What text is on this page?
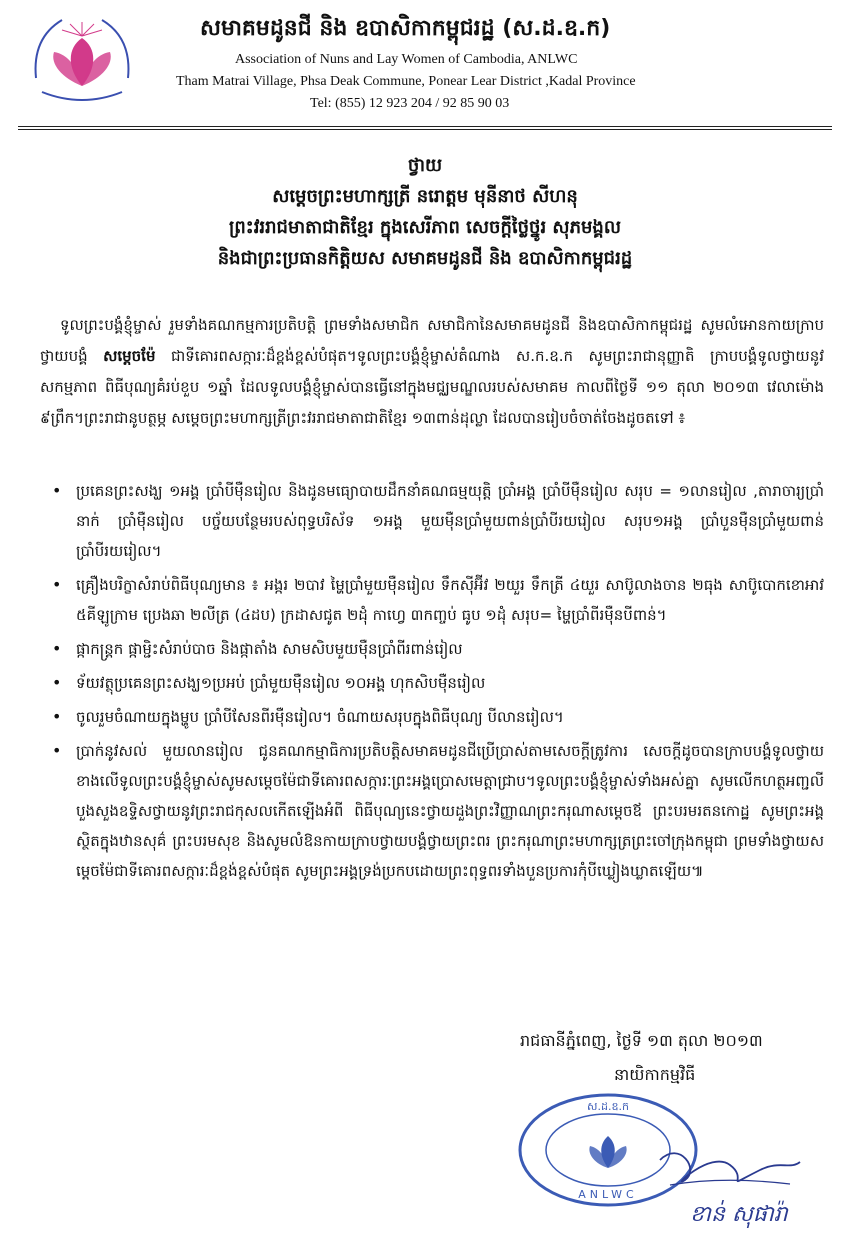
សមាគមដូនជី និង ឧបាសិកាកម្ពុជរដ្ឋ (ស.ដ.ឧ.ក)
Association of Nuns and Lay Women of Cambodia, ANLWC
Tham Matrai Village, Phsa Deak Commune, Ponear Lear District ,Kadal Province
Tel: (855) 12 923 204 / 92 85 90 03
ថ្វាយ
សម្តេចព្រះមហាក្សត្រី នរោត្តម មុនីនាថ សីហនុ
ព្រះវររាជមាតាជាតិខ្មែរ ក្នុងសេរីភាព សេចក្តីថ្លៃថ្នូរ សុភមង្គល
និងជាព្រះប្រធានកិត្តិយស សមាគមដូនជី និង ឧបាសិកាកម្ពុជរដ្ឋ
ទូលព្រះបង្គំខ្ញុំម្ចាស់ រួមទាំងគណកម្មការប្រតិបត្តិ ព្រមទាំងសមាជិក សមាជិកានៃសមាគមដូនជី និងឧបាសិកាកម្ពុជរដ្ឋ សូមលំអោនកាយក្រាបថ្វាយបង្គំ សម្តេចម៉ែ ជាទីគោរពសក្ការៈដ៏ខ្ពង់ខ្ពស់បំផុត។ទូលព្រះបង្គំខ្ញុំម្ចាស់តំណាង ស.ក.ឧ.ក សូមព្រះរាជានុញ្ញាតិ ក្រាបបង្គំទូលថ្វាយនូវសកម្មភាព ពិធីបុណ្យគំរប់ខួប ១ឆ្នាំ ដែលទូលបង្គំខ្ញុំម្ចាស់បានធ្វើនៅក្នុងមជ្ឈមណ្ឌលរបស់សមាគម កាលពីថ្ងៃទី ១១ តុលា ២០១៣ វេលាម៉ោង ៩ព្រឹក។ព្រះរាជានូបត្ថម្ភ សម្តេចព្រះមហាក្សត្រីព្រះវររាជមាតាជាតិខ្មែរ ១៣ពាន់ដុល្លា ដែលបានរៀបចំចាត់ចែងដូចតទៅ ៖
• ប្រគេនព្រះសង្ឃ ១អង្គ ប្រាំបីម៉ឺនរៀល និងដូនមធ្យោបាយដឹកនាំគណធម្មយុត្តិ ប្រាំអង្គ ប្រាំបីម៉ឺនរៀល សរុប = ១លានរៀល ,តារាចារ្យប្រាំនាក់ ប្រាំម៉ឺនរៀល បច្ច័យបន្ថែមរបស់ពុទ្ធបរិស័ទ ១អង្គ មួយម៉ឺនប្រាំមួយពាន់ប្រាំបីរយរៀល សរុប១អង្គ ប្រាំបួនម៉ឺនប្រាំមួយពាន់ប្រាំបីរយរៀល។
• គ្រឿងបរិក្ខាសំរាប់ពិធីបុណ្យមាន ៖ អង្ករ ២បាវ ម្ហៃប្រាំមួយម៉ឺនរៀល ទឹកស៊ីអ៊ីវ ២យួរ ទឹកត្រី ៤យួរ សាប៊ូលាងចាន ២ធុង សាប៊ូបោកខោអាវ ៥គីឡូក្រាម ប្រេងឆា ២លីត្រ (៤ដប) ក្រដាសជូត ២ដុំ កាហ្វេ ៣កញ្ចប់ ធូប ១ដុំ សរុប= ម្ហៃប្រាំពីរម៉ឺនបីពាន់។
• ផ្កាកន្រ្តក ផ្កាម្ជិះសំរាប់បាច និងផ្កាតាំង សាមសិបមួយម៉ឺនប្រាំពីរពាន់រៀល
• ទ័យវត្ថុប្រគេនព្រះសង្ឃ១ប្រអប់ ប្រាំមួយម៉ឺនរៀល ១០អង្គ ហុកសិបម៉ឺនរៀល
• ចូលរួមចំណាយក្នុងម្ហូប ប្រាំបីសែនពីរម៉ឺនរៀល។ ចំណាយសរុបក្នុងពិធីបុណ្យ បីលានរៀល។
• ប្រាក់នូវសល់ មួយលានរៀល ជូនគណកម្មាធិការប្រតិបត្តិសមាគមដូនជីប្រើប្រាស់តាមសេចក្តីត្រូវការ សេចក្តីដូចបានក្រាបបង្គំទូលថ្វាយខាងលើទូលព្រះបង្គំខ្ញុំម្ចាស់សូមសម្តេចម៉ែជាទីគោរពសក្ការៈព្រះអង្គប្រោសមេត្តាជ្រាប។ទូលព្រះបង្គំខ្ញុំម្ចាស់ទាំងអស់គ្នា សូមលើកហត្ថអញ្ជលីបួងសួងឧទ្ទិសថ្វាយនូវព្រះរាជកុសលកើតឡើងអំពី ពិធីបុណ្យនេះថ្វាយដួងព្រះវិញ្ញាណព្រះករុណាសម្តេចឪ ព្រះបរមរតនកោដ្ឋ សូមព្រះអង្គស្ថិតក្នុងឋានសុគ៌ ព្រះបរមសុខ និងសូមលំឱនកាយក្រាបថ្វាយបង្គំថ្វាយព្រះពរ ព្រះករុណាព្រះមហាក្សត្រព្រះចៅក្រុងកម្ពុជា ព្រមទាំងថ្វាយសម្តេចម៉ែជាទីគោរពសក្ការៈដ៏ខ្ពង់ខ្ពស់បំផុត សូមព្រះអង្គទ្រង់ប្រកបដោយព្រះពុទ្ធពរទាំងបួនប្រការកុំបីឃ្លៀងឃ្លាតឡើយ៕
រាជធានីភ្នំពេញ, ថ្ងៃទី ១៣ តុលា ២០១៣
នាយិកាកម្មវិធី
ANLWC
ស.ដ.ឧ.ក
ខាន់ សុផារ៉ា
